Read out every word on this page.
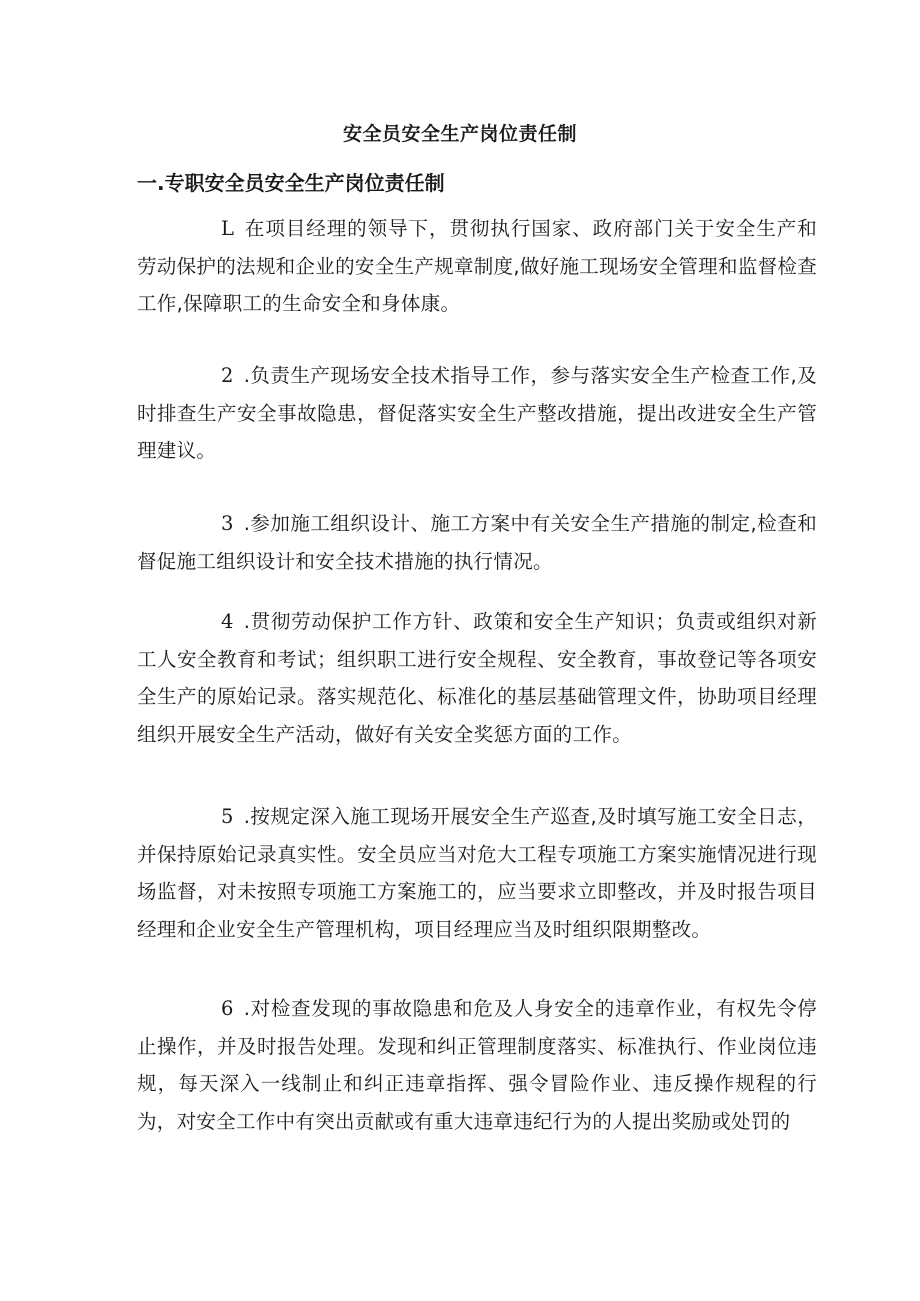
安全员安全生产岗位责任制
一.专职安全员安全生产岗位责任制

L 在项目经理的领导下，贯彻执行国家、政府部门关于安全生产和劳动保护的法规和企业的安全生产规章制度,做好施工现场安全管理和监督检查工作,保障职工的生命安全和身体康。

2 .负责生产现场安全技术指导工作，参与落实安全生产检查工作,及时排查生产安全事故隐患，督促落实安全生产整改措施，提出改进安全生产管理建议。

3 .参加施工组织设计、施工方案中有关安全生产措施的制定,检查和督促施工组织设计和安全技术措施的执行情况。

4 .贯彻劳动保护工作方针、政策和安全生产知识；负责或组织对新工人安全教育和考试；组织职工进行安全规程、安全教育，事故登记等各项安全生产的原始记录。落实规范化、标准化的基层基础管理文件，协助项目经理组织开展安全生产活动，做好有关安全奖惩方面的工作。

5 .按规定深入施工现场开展安全生产巡查,及时填写施工安全日志，并保持原始记录真实性。安全员应当对危大工程专项施工方案实施情况进行现场监督，对未按照专项施工方案施工的，应当要求立即整改，并及时报告项目经理和企业安全生产管理机构，项目经理应当及时组织限期整改。

6 .对检查发现的事故隐患和危及人身安全的违章作业，有权先令停止操作，并及时报告处理。发现和纠正管理制度落实、标准执行、作业岗位违规，每天深入一线制止和纠正违章指挥、强令冒险作业、违反操作规程的行为，对安全工作中有突出贡献或有重大违章违纪行为的人提出奖励或处罚的
